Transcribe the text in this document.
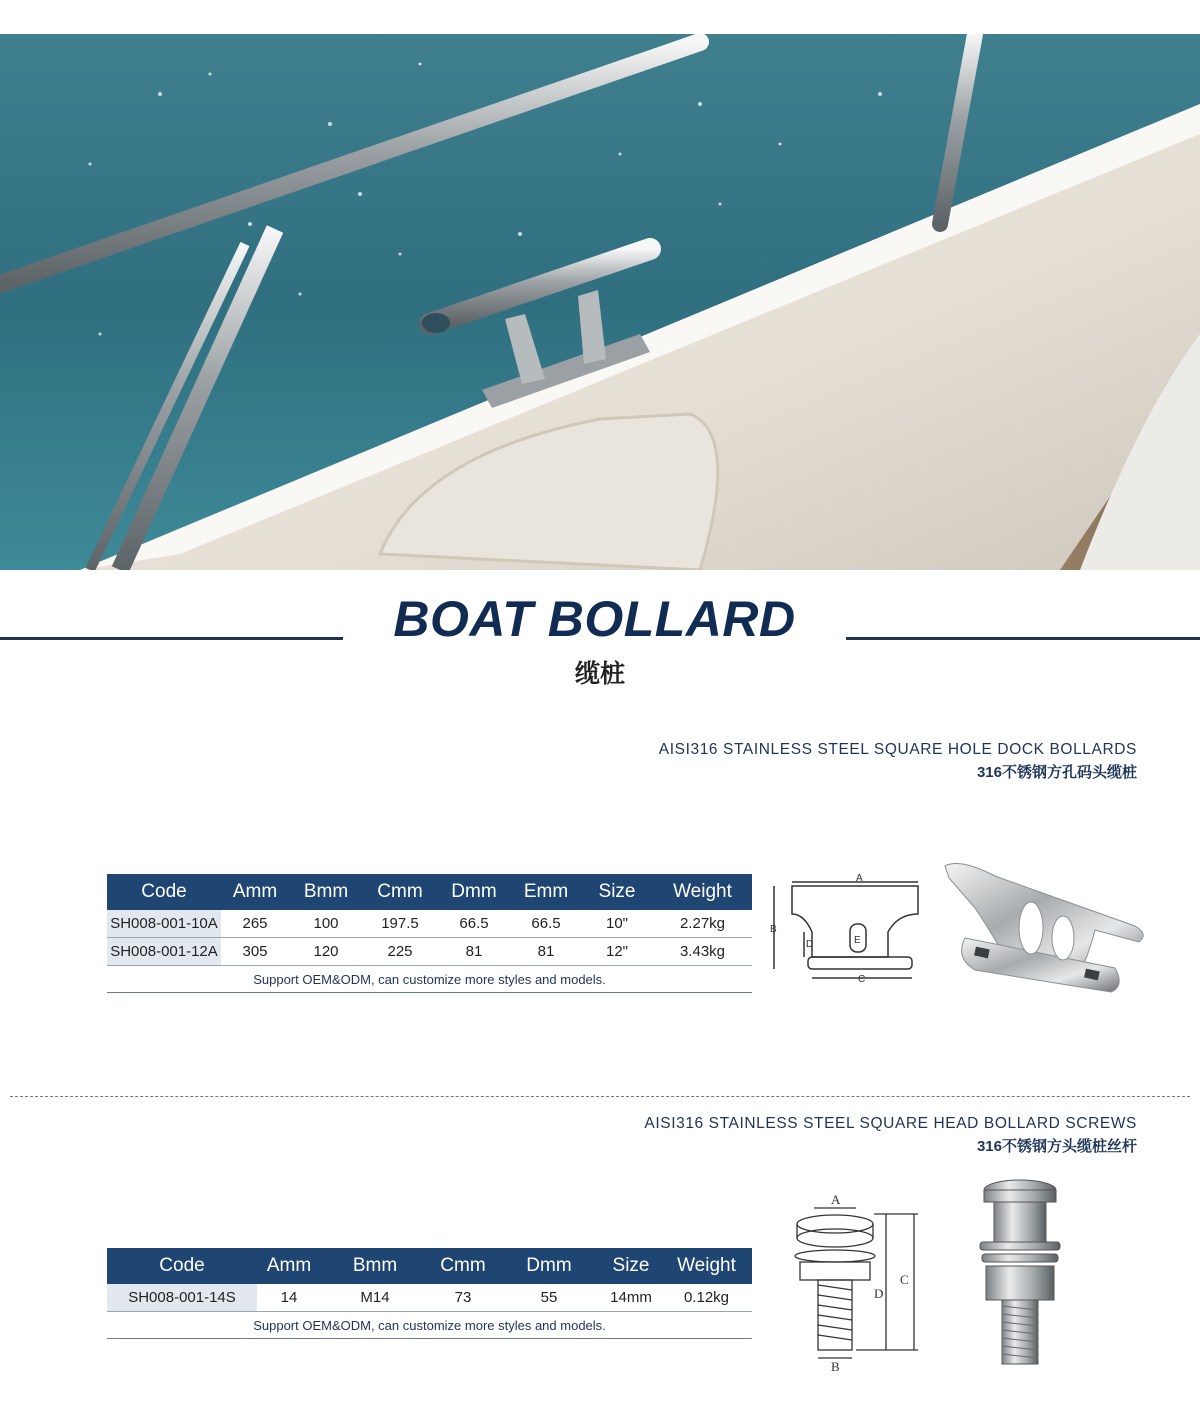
BOAT BOLLARD
缆桩
AISI316 STAINLESS STEEL SQUARE HOLE DOCK BOLLARDS
316不锈钢方孔码头缆桩
Code	Amm	Bmm	Cmm	Dmm	Emm	Size	Weight
SH008-001-10A	265	100	197.5	66.5	66.5	10"	2.27kg
SH008-001-12A	305	120	225	81	81	12"	3.43kg
Support OEM&ODM, can customize more styles and models.							
A
B
C
D	E
AISI316 STAINLESS STEEL SQUARE HEAD BOLLARD SCREWS
316不锈钢方头缆桩丝杆
Code	Amm	Bmm	Cmm	Dmm	Size	Weight
SH008-001-14S	14	M14	73	55	14mm	0.12kg
Support OEM&ODM, can customize more styles and models.						
A
B
C
D
